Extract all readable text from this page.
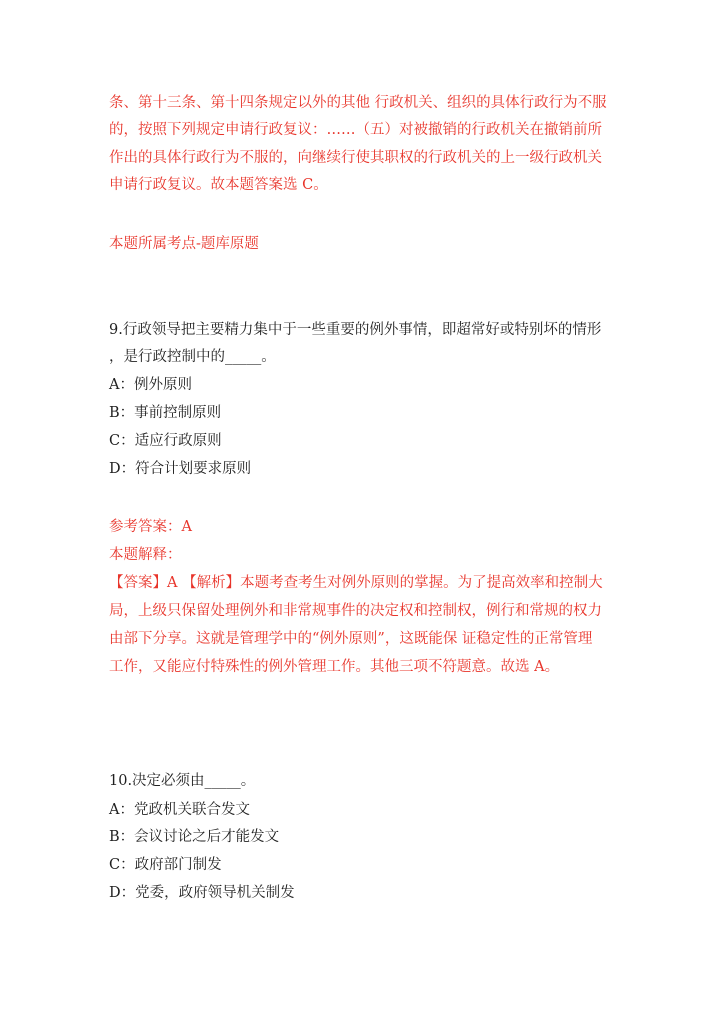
条、第十三条、第十四条规定以外的其他 行政机关、组织的具体行政行为不服
的，按照下列规定申请行政复议：……（五）对被撤销的行政机关在撤销前所
作出的具体行政行为不服的，向继续行使其职权的行政机关的上一级行政机关
申请行政复议。故本题答案选 C。
本题所属考点-题库原题
9.行政领导把主要精力集中于一些重要的例外事情，即超常好或特别坏的情形
，是行政控制中的_____。
A：例外原则
B：事前控制原则
C：适应行政原则
D：符合计划要求原则
参考答案：A
本题解释：
【答案】A 【解析】本题考查考生对例外原则的掌握。为了提高效率和控制大
局，上级只保留处理例外和非常规事件的决定权和控制权，例行和常规的权力
由部下分享。这就是管理学中的“例外原则”，这既能保 证稳定性的正常管理
工作，又能应付特殊性的例外管理工作。其他三项不符题意。故选 A。
10.决定必须由_____。
A：党政机关联合发文
B：会议讨论之后才能发文
C：政府部门制发
D：党委，政府领导机关制发
